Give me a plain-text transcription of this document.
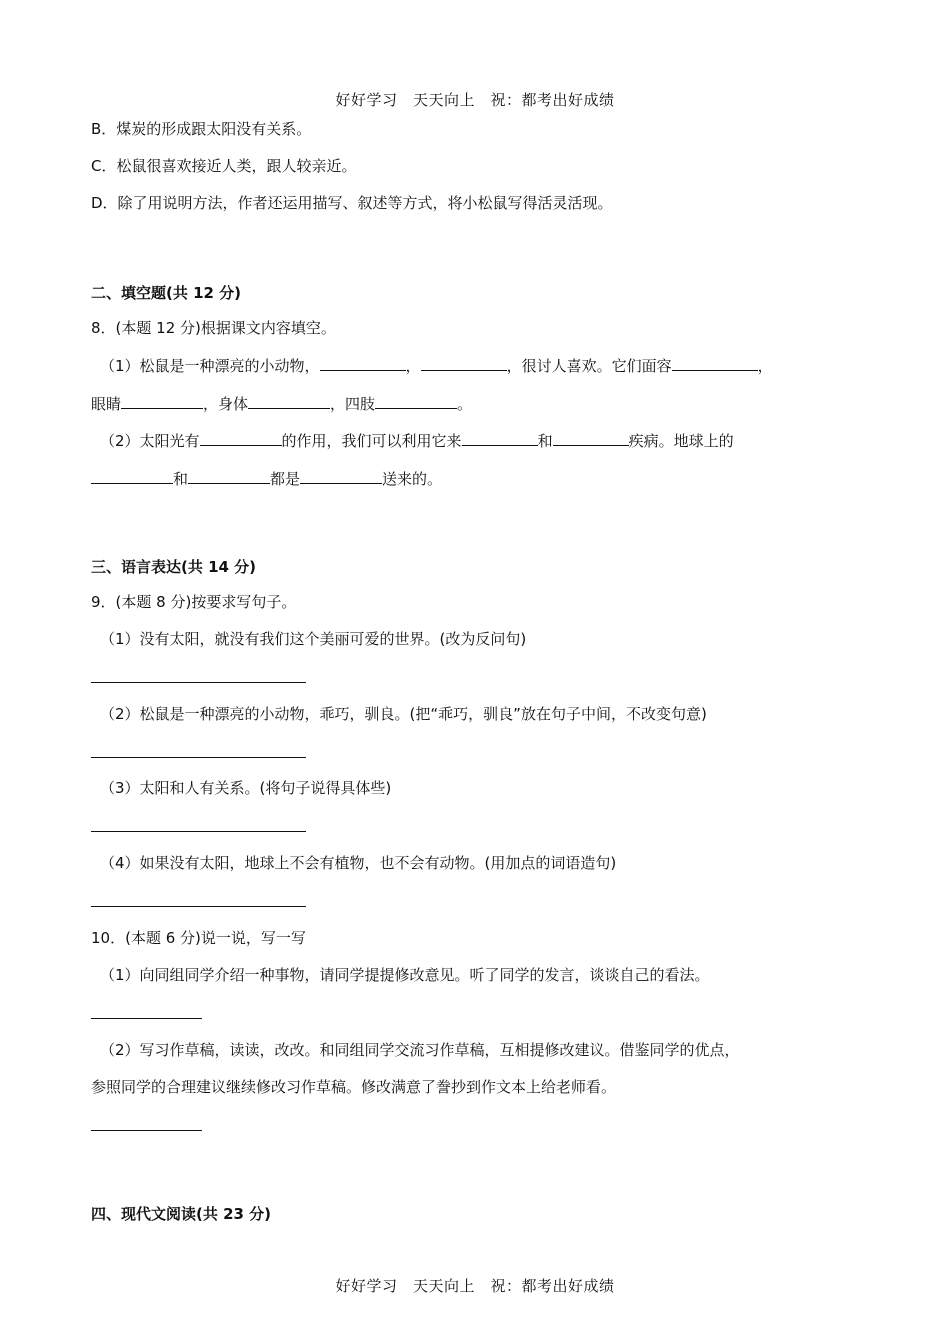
好好学习　天天向上　祝：都考出好成绩
B．煤炭的形成跟太阳没有关系。
C．松鼠很喜欢接近人类，跟人较亲近。
D．除了用说明方法，作者还运用描写、叙述等方式，将小松鼠写得活灵活现。
二、填空题(共 12 分)
8．(本题 12 分)根据课文内容填空。
（1）松鼠是一种漂亮的小动物，	，	，很讨人喜欢。它们面容	，
眼睛	，身体	，四肢	。
（2）太阳光有	的作用，我们可以利用它来	和	疾病。地球上的
和	都是	送来的。
三、语言表达(共 14 分)
9．(本题 8 分)按要求写句子。
（1）没有太阳，就没有我们这个美丽可爱的世界。(改为反问句)
（2）松鼠是一种漂亮的小动物，乖巧，驯良。(把“乖巧，驯良”放在句子中间，不改变句意)
（3）太阳和人有关系。(将句子说得具体些)
（4）如果没有太阳，地球上不会有植物，也不会有动物。(用加点的词语造句)
10．(本题 6 分)说一说，写一写
（1）向同组同学介绍一种事物，请同学提提修改意见。听了同学的发言，谈谈自己的看法。
（2）写习作草稿，读读，改改。和同组同学交流习作草稿，互相提修改建议。借鉴同学的优点，
参照同学的合理建议继续修改习作草稿。修改满意了誊抄到作文本上给老师看。
四、现代文阅读(共 23 分)
好好学习　天天向上　祝：都考出好成绩
